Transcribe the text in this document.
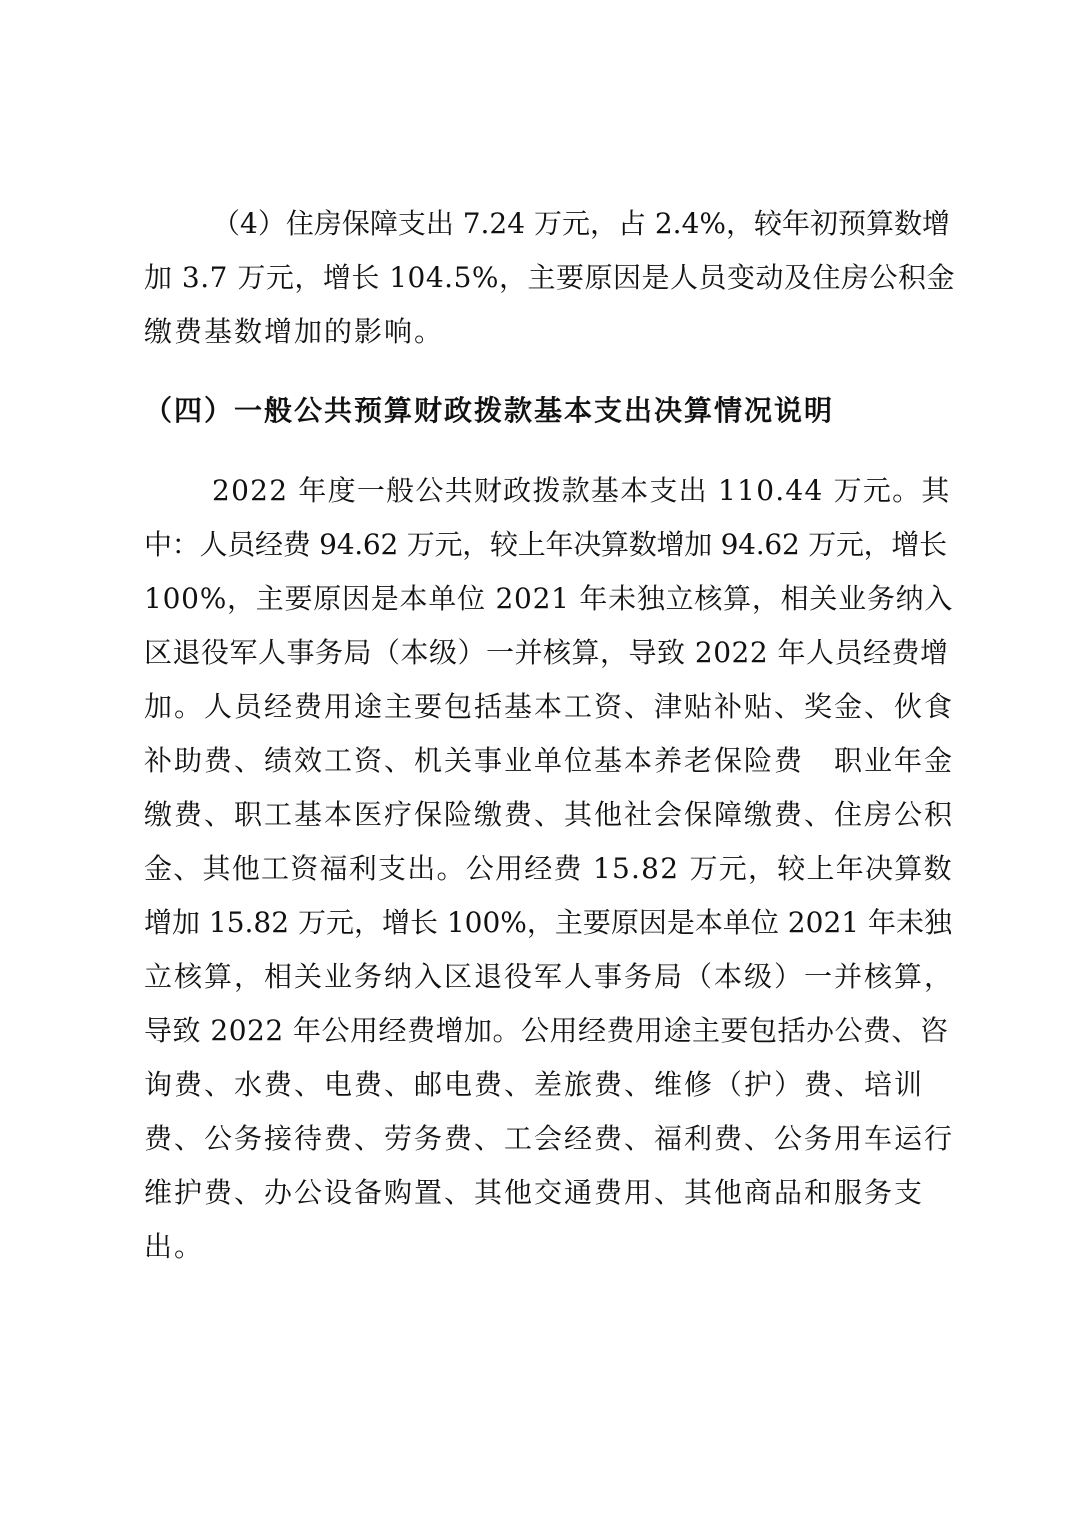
（4）住房保障支出 7.24 万元，占 2.4%，较年初预算数增
加 3.7 万元，增长 104.5%，主要原因是人员变动及住房公积金
缴费基数增加的影响。
（四）一般公共预算财政拨款基本支出决算情况说明
2022 年度一般公共财政拨款基本支出 110.44 万元。其
中：人员经费 94.62 万元，较上年决算数增加 94.62 万元，增长
100%，主要原因是本单位 2021 年未独立核算，相关业务纳入
区退役军人事务局（本级）一并核算，导致 2022 年人员经费增
加。人员经费用途主要包括基本工资、津贴补贴、奖金、伙食
补助费、绩效工资、机关事业单位基本养老保险费　职业年金
缴费、职工基本医疗保险缴费、其他社会保障缴费、住房公积
金、其他工资福利支出。公用经费 15.82 万元，较上年决算数
增加 15.82 万元，增长 100%，主要原因是本单位 2021 年未独
立核算，相关业务纳入区退役军人事务局（本级）一并核算，
导致 2022 年公用经费增加。公用经费用途主要包括办公费、咨
询费、水费、电费、邮电费、差旅费、维修（护）费、培训
费、公务接待费、劳务费、工会经费、福利费、公务用车运行
维护费、办公设备购置、其他交通费用、其他商品和服务支
出。
